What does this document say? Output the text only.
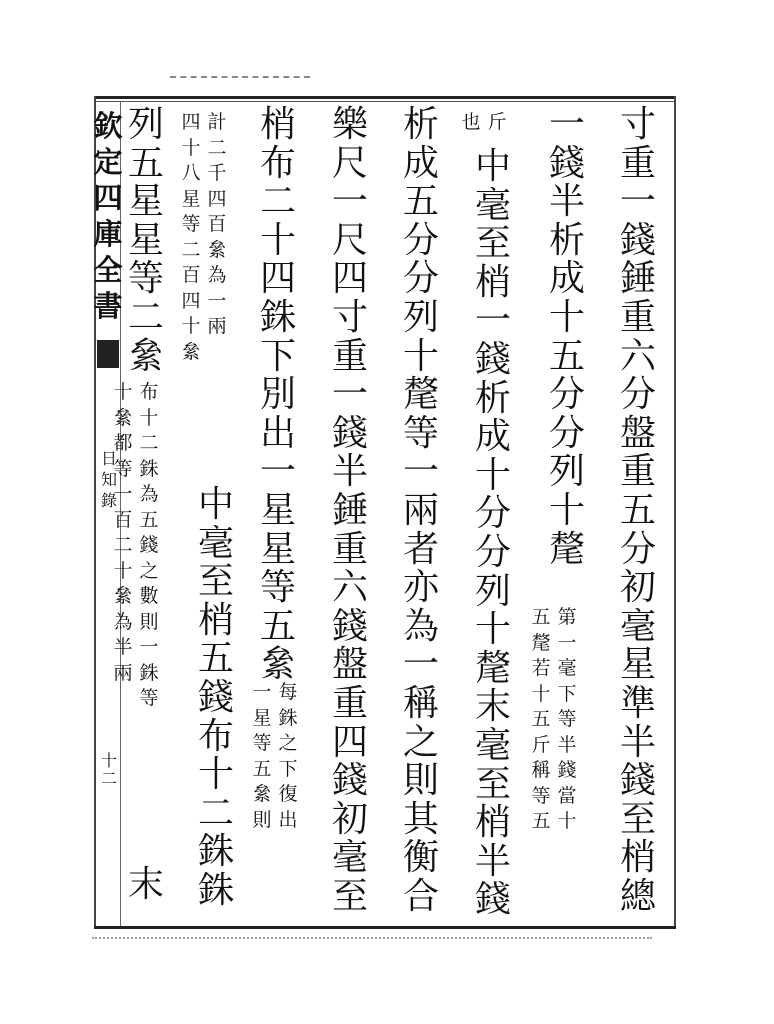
欽
定
四
庫
全
書
日
知
錄
十
二
寸
重
一
錢
錘
重
六
分
盤
重
五
分
初
毫
星
準
半
錢
至
梢
總
一
錢
半
析
成
十
五
分
分
列
十
氂
第
一
毫
下
等
半
錢
當
十
五
氂
若
十
五
斤
稱
等
五
斤
也
中
毫
至
梢
一
錢
析
成
十
分
分
列
十
氂
末
毫
至
梢
半
錢
析
成
五
分
分
列
十
氂
等
一
兩
者
亦
為
一
稱
之
則
其
衡
合
樂
尺
一
尺
四
寸
重
一
錢
半
錘
重
六
錢
盤
重
四
錢
初
毫
至
梢
布
二
十
四
銖
下
別
出
一
星
星
等
五
絫
每
銖
之
下
復
出
一
星
等
五
絫
則
計
二
千
四
百
絫
為
一
兩
四
十
八
星
等
二
百
四
十
絫
中
毫
至
梢
五
錢
布
十
二
銖
銖
列
五
星
星
等
二
絫
布
十
二
銖
為
五
錢
之
數
則
一
銖
等
十
絫
都
等
一
百
二
十
絫
為
半
兩
末
